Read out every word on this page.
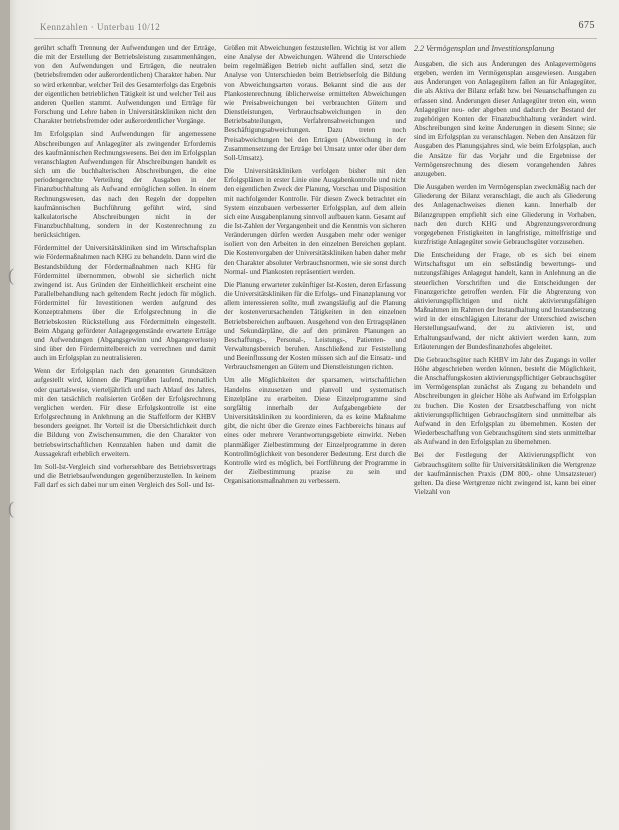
Kennzahlen · Unterbau 10/12	675
(
(

gerührt schafft Trennung der Aufwendungen und der Erträge, die mit der Erstellung der Betriebsleistung zusammenhängen, von den Aufwendungen und Erträgen, die neutralen (betriebsfremden oder außerordentlichen) Charakter haben. Nur so wird erkennbar, welcher Teil des Gesamterfolgs das Ergebnis der eigentlichen betrieblichen Tätigkeit ist und welcher Teil aus anderen Quellen stammt. Aufwendungen und Erträge für Forschung und Lehre haben in Universitätskliniken nicht den Charakter betriebsfremder oder außerordentlicher Vorgänge.

Im Erfolgsplan sind Aufwendungen für angemessene Abschreibungen auf Anlagegüter als zwingender Erfordernis des kaufmännischen Rechnungswesens. Bei den im Erfolgsplan veranschlagten Aufwendungen für Abschreibungen handelt es sich um die buchhalterischen Abschreibungen, die eine periodengerechte Verteilung der Ausgaben in der Finanzbuchhaltung als Aufwand ermöglichen sollen. In einem Rechnungswesen, das nach den Regeln der doppelten kaufmännischen Buchführung geführt wird, sind kalkulatorische Abschreibungen nicht in der Finanzbuchhaltung, sondern in der Kostenrechnung zu berücksichtigen.

Fördermittel der Universitätskliniken sind im Wirtschaftsplan wie Fördermaßnahmen nach KHG zu behandeln. Dann wird die Bestandsbildung der Fördermaßnahmen nach KHG für Fördermittel übernommen, obwohl sie sicherlich nicht zwingend ist. Aus Gründen der Einheitlichkeit erscheint eine Parallelbehandlung nach geltendem Recht jedoch für möglich. Fördermittel für Investitionen werden aufgrund des Konzeptrahmens über die Erfolgsrechnung in die Betriebskosten Rückstellung aus Fördermitteln eingestellt. Beim Abgang gefördeter Anlagegegenstände erwartete Erträge und Aufwendungen (Abgangsgewinn und Abgangsverluste) sind über den Fördermittelbereich zu verrechnen und damit auch im Erfolgsplan zu neutralisieren.

Wenn der Erfolgsplan nach den genannten Grundsätzen aufgestellt wird, können die Plangrößen laufend, monatlich oder quartalsweise, vierteljährlich und nach Ablauf des Jahres, mit den tatsächlich realisierten Größen der Erfolgsrechnung verglichen werden. Für diese Erfolgskontrolle ist eine Erfolgsrechnung in Anlehnung an die Staffelform der KHBV besonders geeignet. Ihr Vorteil ist die Übersichtlichkeit durch die Bildung von Zwischensummen, die den Charakter von betriebswirtschaftlichen Kennzahlen haben und damit die Aussagekraft erheblich erweitern.

Im Soll-Ist-Vergleich sind vorhersehbare des Betriebsvertrags und die Betriebsaufwendungen gegenüberzustellen. In keinem Fall darf es sich dabei nur um einen Vergleich des Soll- und Ist-

Größen mit Abweichungen festzustellen. Wichtig ist vor allem eine Analyse der Abweichungen. Während die Unterschiede beim regelmäßigen Betrieb nicht auffallen sind, setzt die Analyse von Unterschieden beim Betriebserfolg die Bildung von Abweichungsarten voraus. Bekannt sind die aus der Plankostenrechnung üblicherweise ermittelten Abweichungen wie Preisabweichungen bei verbrauchten Gütern und Dienstleistungen, Verbrauchsabweichungen in den Betriebsabteilungen, Verfahrensabweichungen und Beschäftigungsabweichungen. Dazu treten noch Preisabweichungen bei den Erträgen (Abweichung in der Zusammensetzung der Erträge bei Umsatz unter oder über dem Soll-Umsatz).

Die Universitätskliniken verfolgen bisher mit den Erfolgsplänen in erster Linie eine Ausgabenkontrolle und nicht den eigentlichen Zweck der Planung, Vorschau und Disposition mit nachfolgender Kontrolle. Für diesen Zweck betrachtet ein System einzubauen verbesserter Erfolgsplan, auf dem allein sich eine Ausgabenplanung sinnvoll aufbauen kann. Gesamt auf die Ist-Zahlen der Vergangenheit und die Kenntnis von sicheren Veränderungen dürfen werden Ausgaben mehr oder weniger isoliert von den Arbeiten in den einzelnen Bereichen geplant. Die Kostenvorgaben der Universitätskliniken haben daher mehr den Charakter absoluter Verbrauchsnormen, wie sie sonst durch Normal- und Plankosten repräsentiert werden.

Die Planung erwarteter zukünftiger Ist-Kosten, deren Erfassung die Universitätskliniken für die Erfolgs- und Finanzplanung vor allem interessieren sollte, muß zwangsläufig auf die Planung der kostenverursachenden Tätigkeiten in den einzelnen Betriebsbereichen aufbauen. Ausgehend von den Ertragsplänen und Sekundärpläne, die auf den primären Planungen an Beschaffungs-, Personal-, Leistungs-, Patienten- und Verwaltungsbereich beruhen. Anschließend zur Feststellung und Beeinflussung der Kosten müssen sich auf die Einsatz- und Verbrauchsmengen an Gütern und Dienstleistungen richten.

Um alle Möglichkeiten der sparsamen, wirtschaftlichen Handelns einzusetzen und planvoll und systematisch Einzelpläne zu erarbeiten. Diese Einzelprogramme sind sorgfältig innerhalb der Aufgabengebiete der Universitätskliniken zu koordinieren, da es keine Maßnahme gibt, die nicht über die Grenze eines Fachbereichs hinaus auf eines oder mehrere Verantwortungsgebiete einwirkt. Neben planmäßiger Zielbestimmung der Einzelprogramme in deren Kontrollmöglichkeit von besonderer Bedeutung. Erst durch die Kontrolle wird es möglich, bei Fortführung der Programme in der Zielbestimmung prazise zu sein und Organisationsmaßnahmen zu verbessern.

2.2 Vermögensplan und Investitionsplanung

Ausgaben, die sich aus Änderungen des Anlagevermögens ergeben, werden im Vermögensplan ausgewiesen. Ausgaben aus Änderungen von Anlagegütern fallen an für Anlagegüter, die als Aktiva der Bilanz erfaßt bzw. bei Neuanschaffungen zu erfassen sind. Änderungen dieser Anlagegüter treten ein, wenn Anlagegüter neu- oder abgeben und dadurch der Bestand der zugehörigen Konten der Finanzbuchhaltung verändert wird. Abschreibungen sind keine Änderungen in diesem Sinne; sie sind im Erfolgsplan zu veranschlagen. Neben den Ansätzen für Ausgaben des Planungsjahres sind, wie beim Erfolgsplan, auch die Ansätze für das Vorjahr und die Ergebnisse der Vermögensrechnung des diesem vorangehenden Jahres anzugeben.

Die Ausgaben werden im Vermögensplan zweckmäßig nach der Gliederung der Bilanz veranschlagt, die auch als Gliederung des Anlagenachweises dienen kann. Innerhalb der Bilanzgruppen empfiehlt sich eine Gliederung in Vorhaben, nach den durch KHG und Abgrenzungsverordnung vorgegebenen Fristigkeiten in langfristige, mittelfristige und kurzfristige Anlagegüter sowie Gebrauchsgüter vorzusehen.

Die Entscheidung der Frage, ob es sich bei einem Wirtschaftsgut um ein selbständig bewertungs- und nutzungsfähiges Anlagegut handelt, kann in Anlehnung an die steuerlichen Vorschriften und die Entscheidungen der Finanzgerichte getroffen werden. Für die Abgrenzung von aktivierungspflichtigen und nicht aktivierungsfähigen Maßnahmen im Rahmen der Instandhaltung und Instandsetzung wird in der einschlägigen Literatur der Unterschied zwischen Herstellungsaufwand, der zu aktivieren ist, und Erhaltungsaufwand, der nicht aktiviert werden kann, zum Erläuterungen der Bundesfinanzhofes abgeleitet.

Die Gebrauchsgüter nach KHBV im Jahr des Zugangs in voller Höhe abgeschrieben werden können, besteht die Möglichkeit, die Anschaffungskosten aktivierungspflichtiger Gebrauchsgüter im Vermögensplan zunächst als Zugang zu behandeln und Abschreibungen in gleicher Höhe als Aufwand im Erfolgsplan zu buchen. Die Kosten der Ersatzbeschaffung von nicht aktivierungspflichtigen Gebrauchsgütern sind unmittelbar als Aufwand in den Erfolgsplan zu übernehmen. Kosten der Wiederbeschaffung von Gebrauchsgütern sind stets unmittelbar als Aufwand in den Erfolgsplan zu übernehmen.

Bei der Festlegung der Aktivierungspflicht von Gebrauchsgütern sollte für Universitätskliniken die Wertgrenze der kaufmännischen Praxis (DM 800,- ohne Umsatzsteuer) gelten. Da diese Wertgrenze nicht zwingend ist, kann bei einer Vielzahl von
